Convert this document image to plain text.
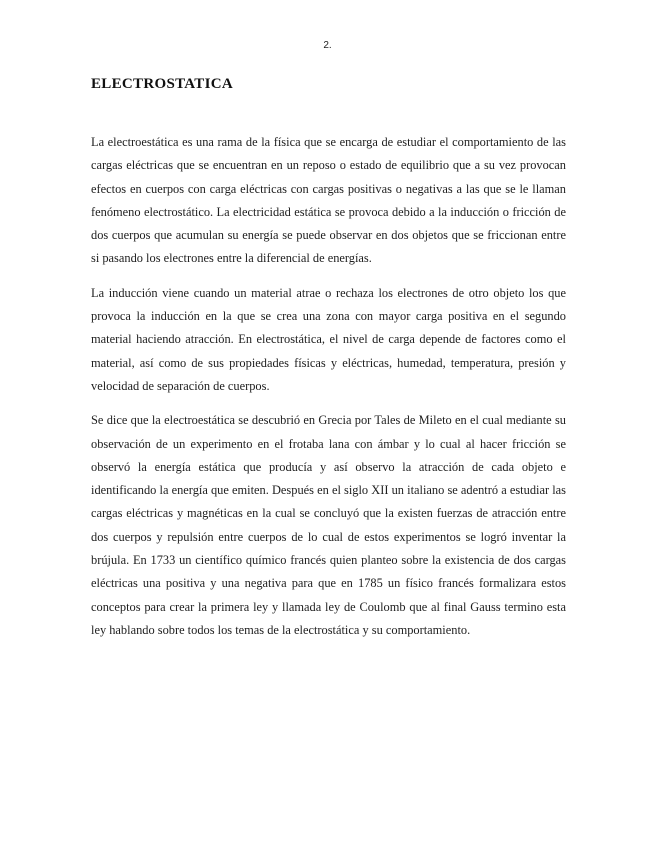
2.
ELECTROSTATICA

La electroestática es una rama de la física que se encarga de estudiar el comportamiento de las cargas eléctricas que se encuentran en un reposo o estado de equilibrio que a su vez provocan efectos en cuerpos con carga eléctricas con cargas positivas o negativas a las que se le llaman fenómeno electrostático. La electricidad estática se provoca debido a la inducción o fricción de dos cuerpos que acumulan su energía se puede observar en dos objetos que se friccionan entre si pasando los electrones entre la diferencial de energías.

La inducción viene cuando un material atrae o rechaza los electrones de otro objeto los que provoca la inducción en la que se crea una zona con mayor carga positiva en el segundo material haciendo atracción. En electrostática, el nivel de carga depende de factores como el material, así como de sus propiedades físicas y eléctricas, humedad, temperatura, presión y velocidad de separación de cuerpos.

Se dice que la electroestática se descubrió en Grecia por Tales de Mileto en el cual mediante su observación de un experimento en el frotaba lana con ámbar y lo cual al hacer fricción se observó la energía estática que producía y así observo la atracción de cada objeto e identificando la energía que emiten. Después en el siglo XII un italiano se adentró a estudiar las cargas eléctricas y magnéticas en la cual se concluyó que la existen fuerzas de atracción entre dos cuerpos y repulsión entre cuerpos de lo cual de estos experimentos se logró inventar la brújula. En 1733 un científico químico francés quien planteo sobre la existencia de dos cargas eléctricas una positiva y una negativa para que en 1785 un físico francés formalizara estos conceptos para crear la primera ley y llamada ley de Coulomb que al final Gauss termino esta ley hablando sobre todos los temas de la electrostática y su comportamiento.
